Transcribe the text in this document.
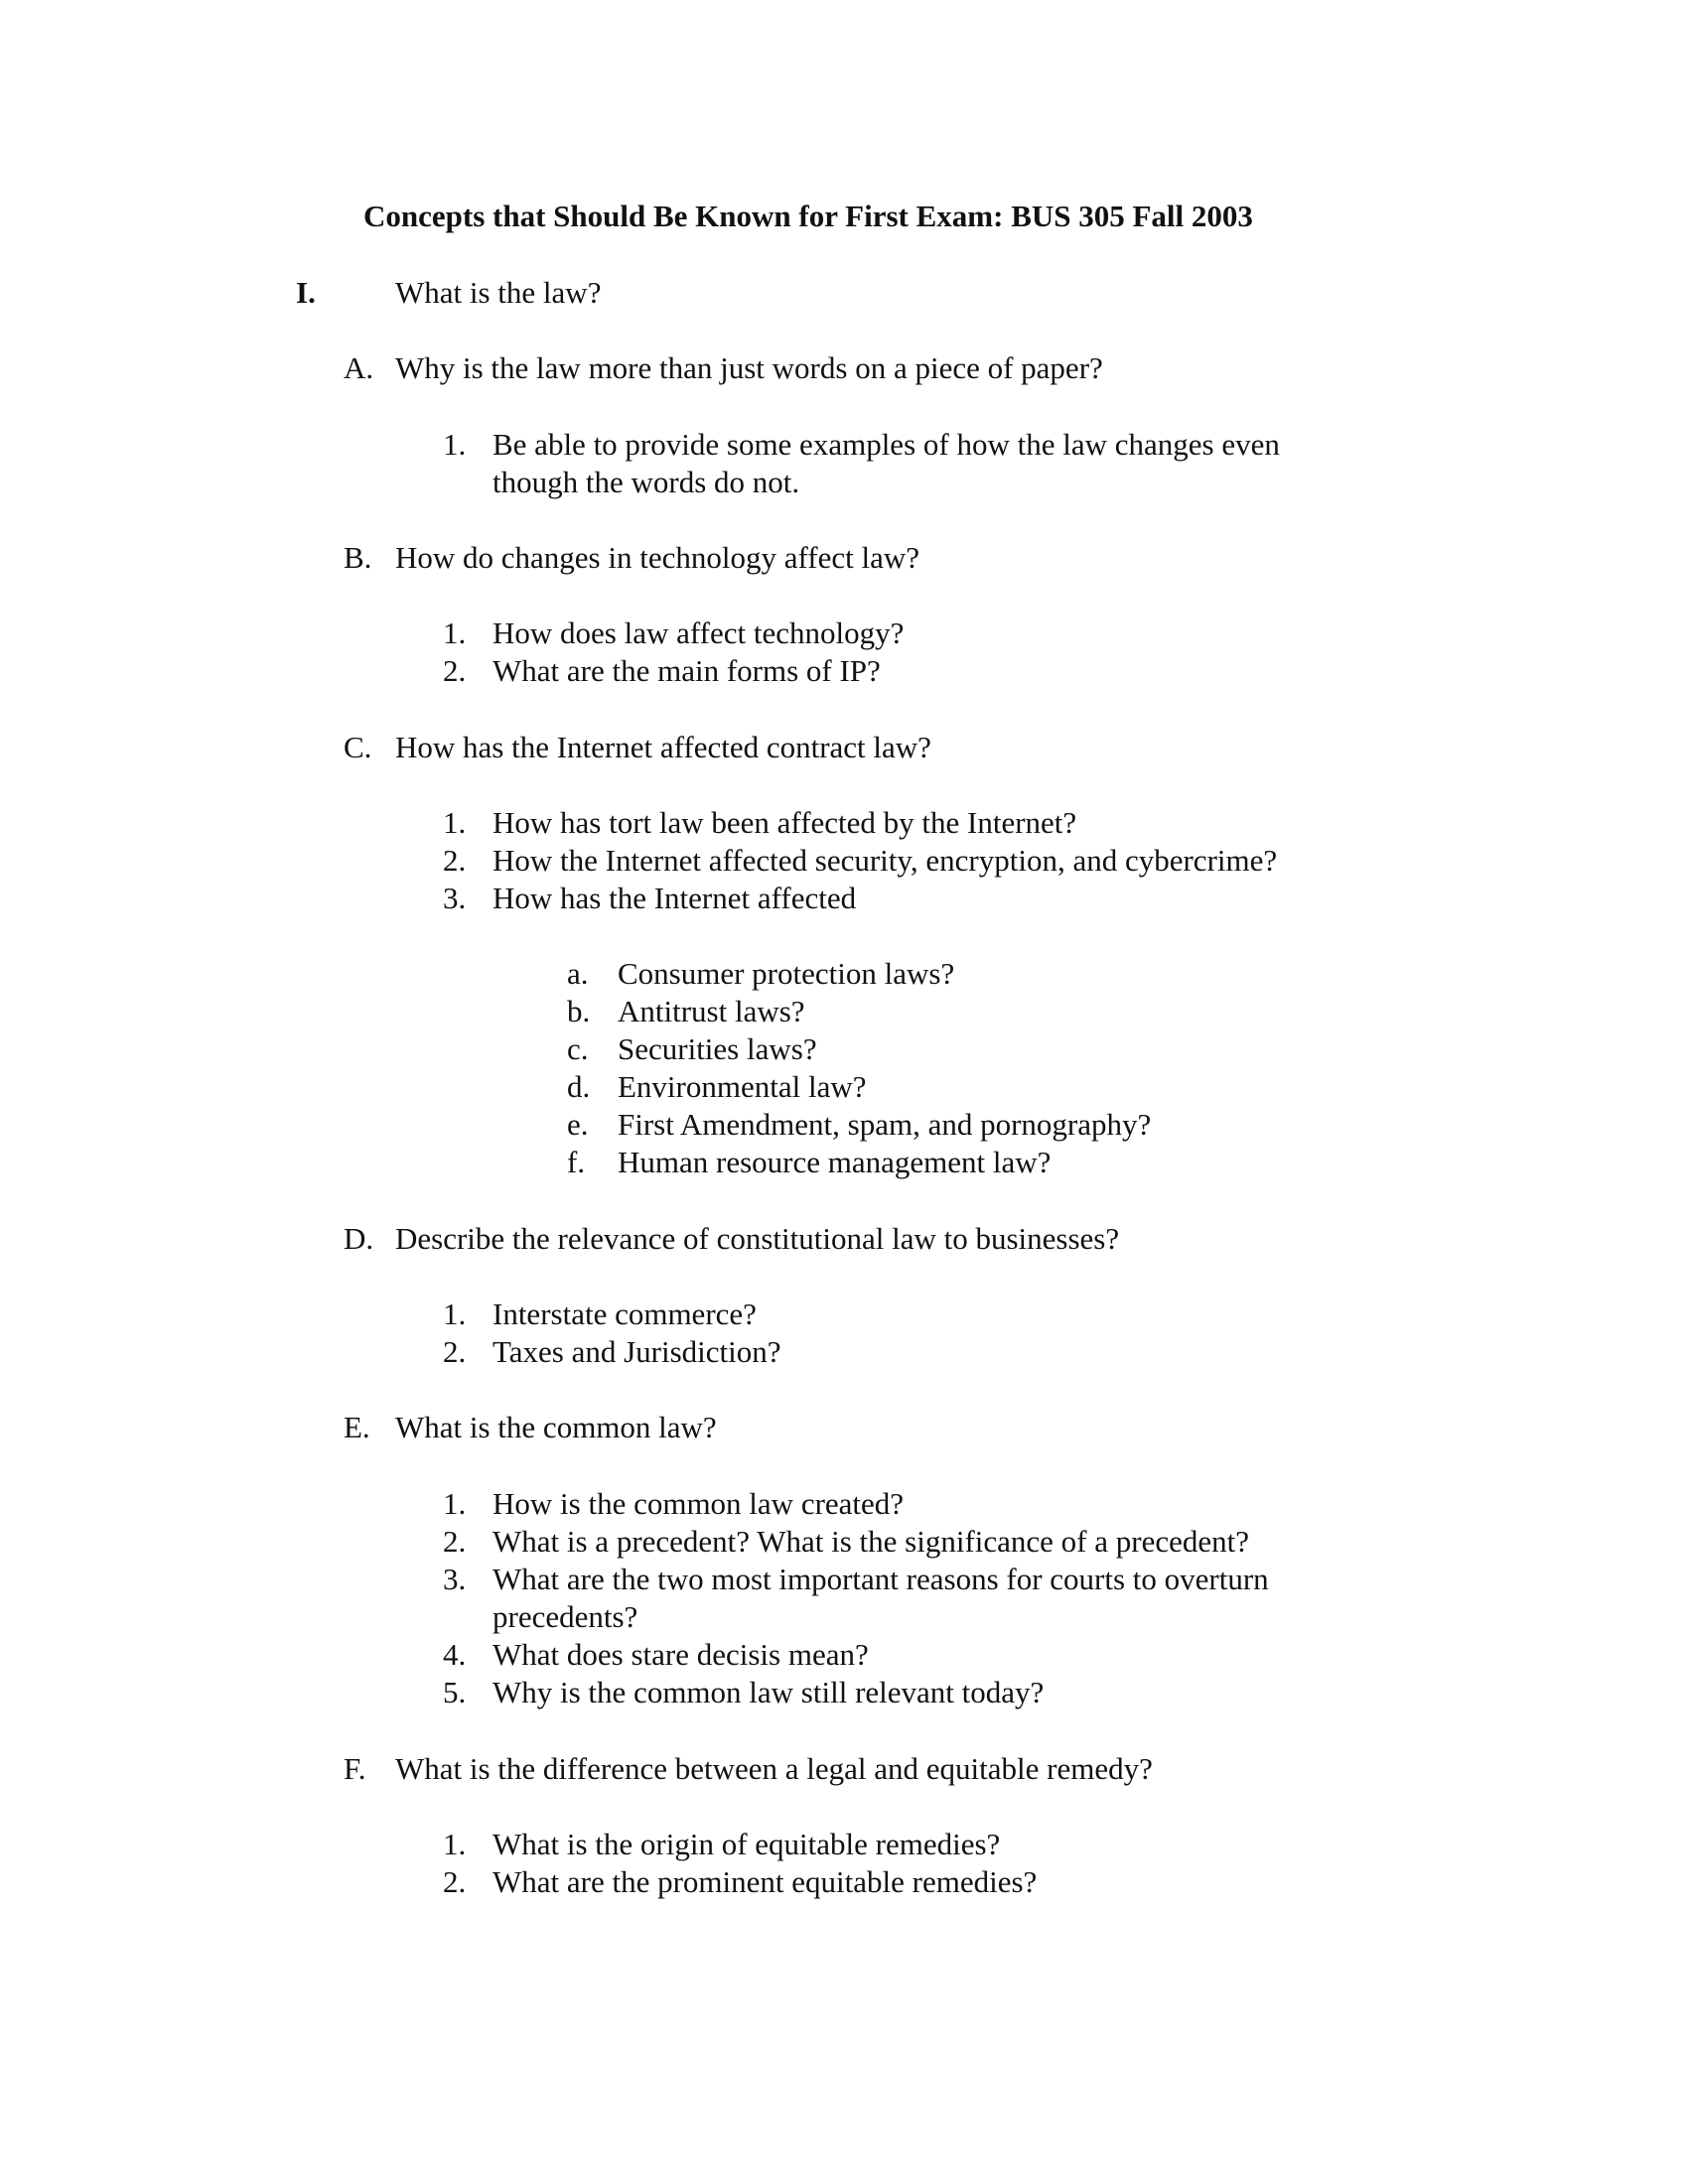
Concepts that Should Be Known for First Exam: BUS 305 Fall 2003
I.	What is the law?
A. Why is the law more than just words on a piece of paper?
1. Be able to provide some examples of how the law changes even
though the words do not.
B. How do changes in technology affect law?
1. How does law affect technology?
2. What are the main forms of IP?
C. How has the Internet affected contract law?
1. How has tort law been affected by the Internet?
2. How the Internet affected security, encryption, and cybercrime?
3. How has the Internet affected
a. Consumer protection laws?
b. Antitrust laws?
c. Securities laws?
d. Environmental law?
e. First Amendment, spam, and pornography?
f. Human resource management law?
D. Describe the relevance of constitutional law to businesses?
1. Interstate commerce?
2. Taxes and Jurisdiction?
E. What is the common law?
1. How is the common law created?
2. What is a precedent? What is the significance of a precedent?
3. What are the two most important reasons for courts to overturn
precedents?
4. What does stare decisis mean?
5. Why is the common law still relevant today?
F. What is the difference between a legal and equitable remedy?
1. What is the origin of equitable remedies?
2. What are the prominent equitable remedies?
